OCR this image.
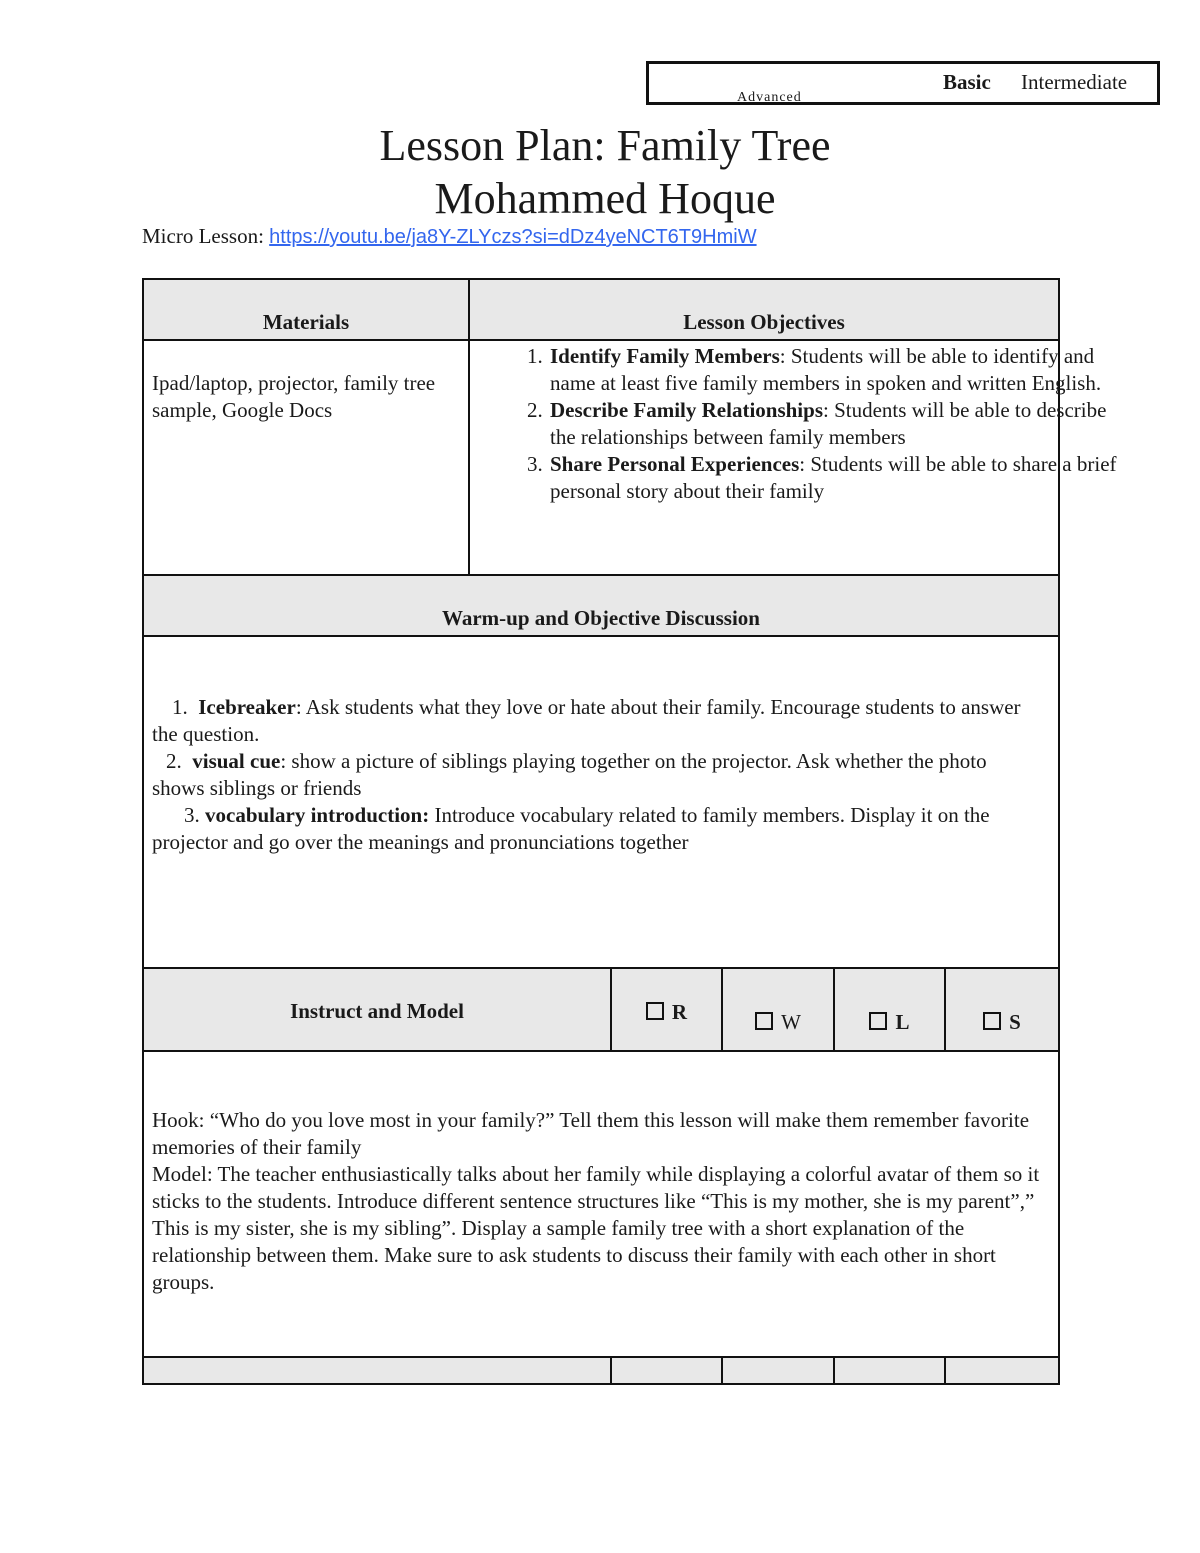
Basic Intermediate
Advanced
Lesson Plan: Family Tree
Mohammed Hoque
Micro Lesson: https://youtu.be/ja8Y-ZLYczs?si=dDz4yeNCT6T9HmiW
Materials	Lesson Objectives
Ipad/laptop, projector, family tree sample, Google Docs
1. Identify Family Members: Students will be able to identify and name at least five family members in spoken and written English.
2. Describe Family Relationships: Students will be able to describe the relationships between family members
3. Share Personal Experiences: Students will be able to share a brief personal story about their family
Warm-up and Objective Discussion

1. Icebreaker: Ask students what they love or hate about their family. Encourage students to answer the question.

2. visual cue: show a picture of siblings playing together on the projector. Ask whether the photo shows siblings or friends

3. vocabulary introduction: Introduce vocabulary related to family members. Display it on the projector and go over the meanings and pronunciations together

Instruct and Model	R	W	L	S

Hook: “Who do you love most in your family?” Tell them this lesson will make them remember favorite memories of their family

Model: The teacher enthusiastically talks about her family while displaying a colorful avatar of them so it sticks to the students. Introduce different sentence structures like “This is my mother, she is my parent”,” This is my sister, she is my sibling”. Display a sample family tree with a short explanation of the relationship between them. Make sure to ask students to discuss their family with each other in short groups.
